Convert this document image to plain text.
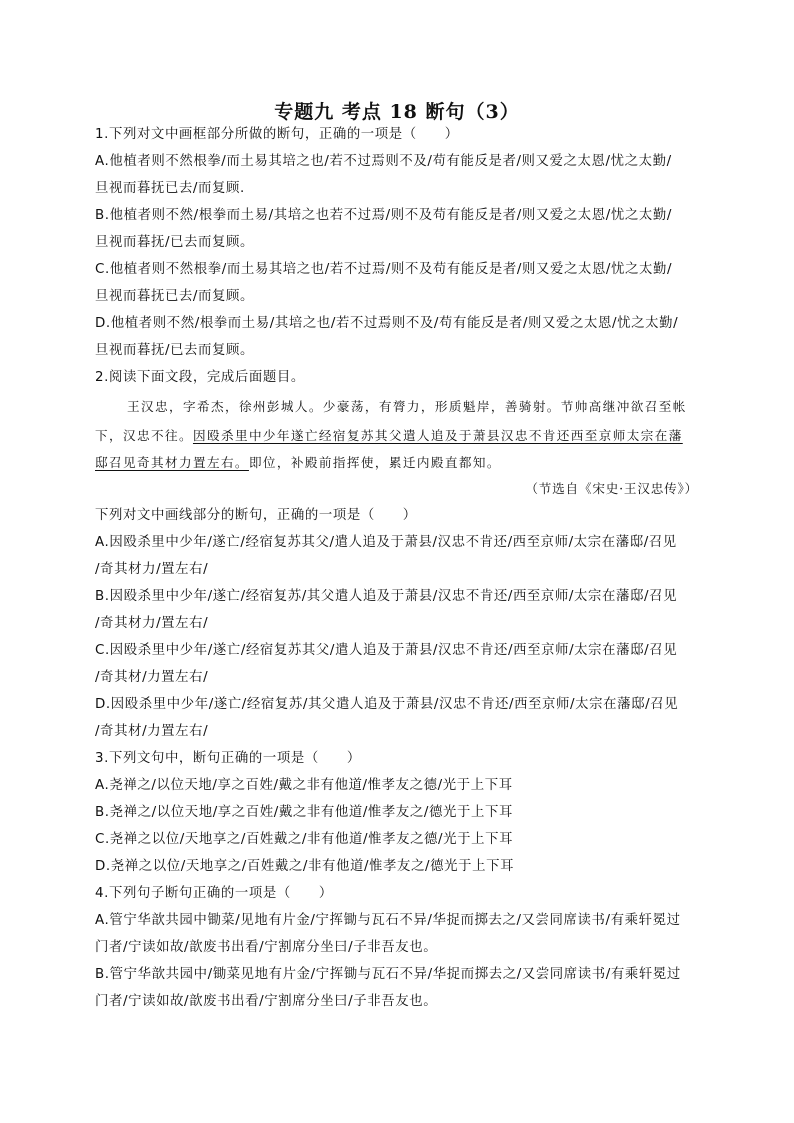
专题九 考点 18 断句（3）
1.下列对文中画框部分所做的断句，正确的一项是（　　）
A.他植者则不然根拳/而土易其培之也/若不过焉则不及/苟有能反是者/则又爱之太恩/忧之太勤/
旦视而暮抚已去/而复顾.
B.他植者则不然/根拳而土易/其培之也若不过焉/则不及苟有能反是者/则又爱之太恩/忧之太勤/
旦视而暮抚/已去而复顾。
C.他植者则不然根拳/而土易其培之也/若不过焉/则不及苟有能反是者/则又爱之太恩/忧之太勤/
旦视而暮抚已去/而复顾。
D.他植者则不然/根拳而土易/其培之也/若不过焉则不及/苟有能反是者/则又爱之太恩/忧之太勤/
旦视而暮抚/已去而复顾。
2.阅读下面文段，完成后面题目。
王汉忠，字希杰，徐州彭城人。少豪荡，有膂力，形质魁岸，善骑射。节帅高继冲欲召至帐
下，汉忠不往。因殴杀里中少年遂亡经宿复苏其父遣人追及于萧县汉忠不肯还西至京师太宗在藩
邸召见奇其材力置左右。即位，补殿前指挥使，累迁内殿直都知。
（节选自《宋史·王汉忠传》）
下列对文中画线部分的断句，正确的一项是（　　）
A.因殴杀里中少年/遂亡/经宿复苏其父/遣人追及于萧县/汉忠不肯还/西至京师/太宗在藩邸/召见
/奇其材力/置左右/
B.因殴杀里中少年/遂亡/经宿复苏/其父遣人追及于萧县/汉忠不肯还/西至京师/太宗在藩邸/召见
/奇其材力/置左右/
C.因殴杀里中少年/遂亡/经宿复苏其父/遣人追及于萧县/汉忠不肯还/西至京师/太宗在藩邸/召见
/奇其材/力置左右/
D.因殴杀里中少年/遂亡/经宿复苏/其父遣人追及于萧县/汉忠不肯还/西至京师/太宗在藩邸/召见
/奇其材/力置左右/
3.下列文句中，断句正确的一项是（　　）
A.尧禅之/以位天地/享之百姓/戴之非有他道/惟孝友之德/光于上下耳
B.尧禅之/以位天地/享之百姓/戴之非有他道/惟孝友之/德光于上下耳
C.尧禅之以位/天地享之/百姓戴之/非有他道/惟孝友之德/光于上下耳
D.尧禅之以位/天地享之/百姓戴之/非有他道/惟孝友之/德光于上下耳
4.下列句子断句正确的一项是（　　）
A.管宁华歆共园中锄菜/见地有片金/宁挥锄与瓦石不异/华捉而掷去之/又尝同席读书/有乘轩冕过
门者/宁读如故/歆废书出看/宁割席分坐曰/子非吾友也。
B.管宁华歆共园中/锄菜见地有片金/宁挥锄与瓦石不异/华捉而掷去之/又尝同席读书/有乘轩冕过
门者/宁读如故/歆废书出看/宁割席分坐曰/子非吾友也。
